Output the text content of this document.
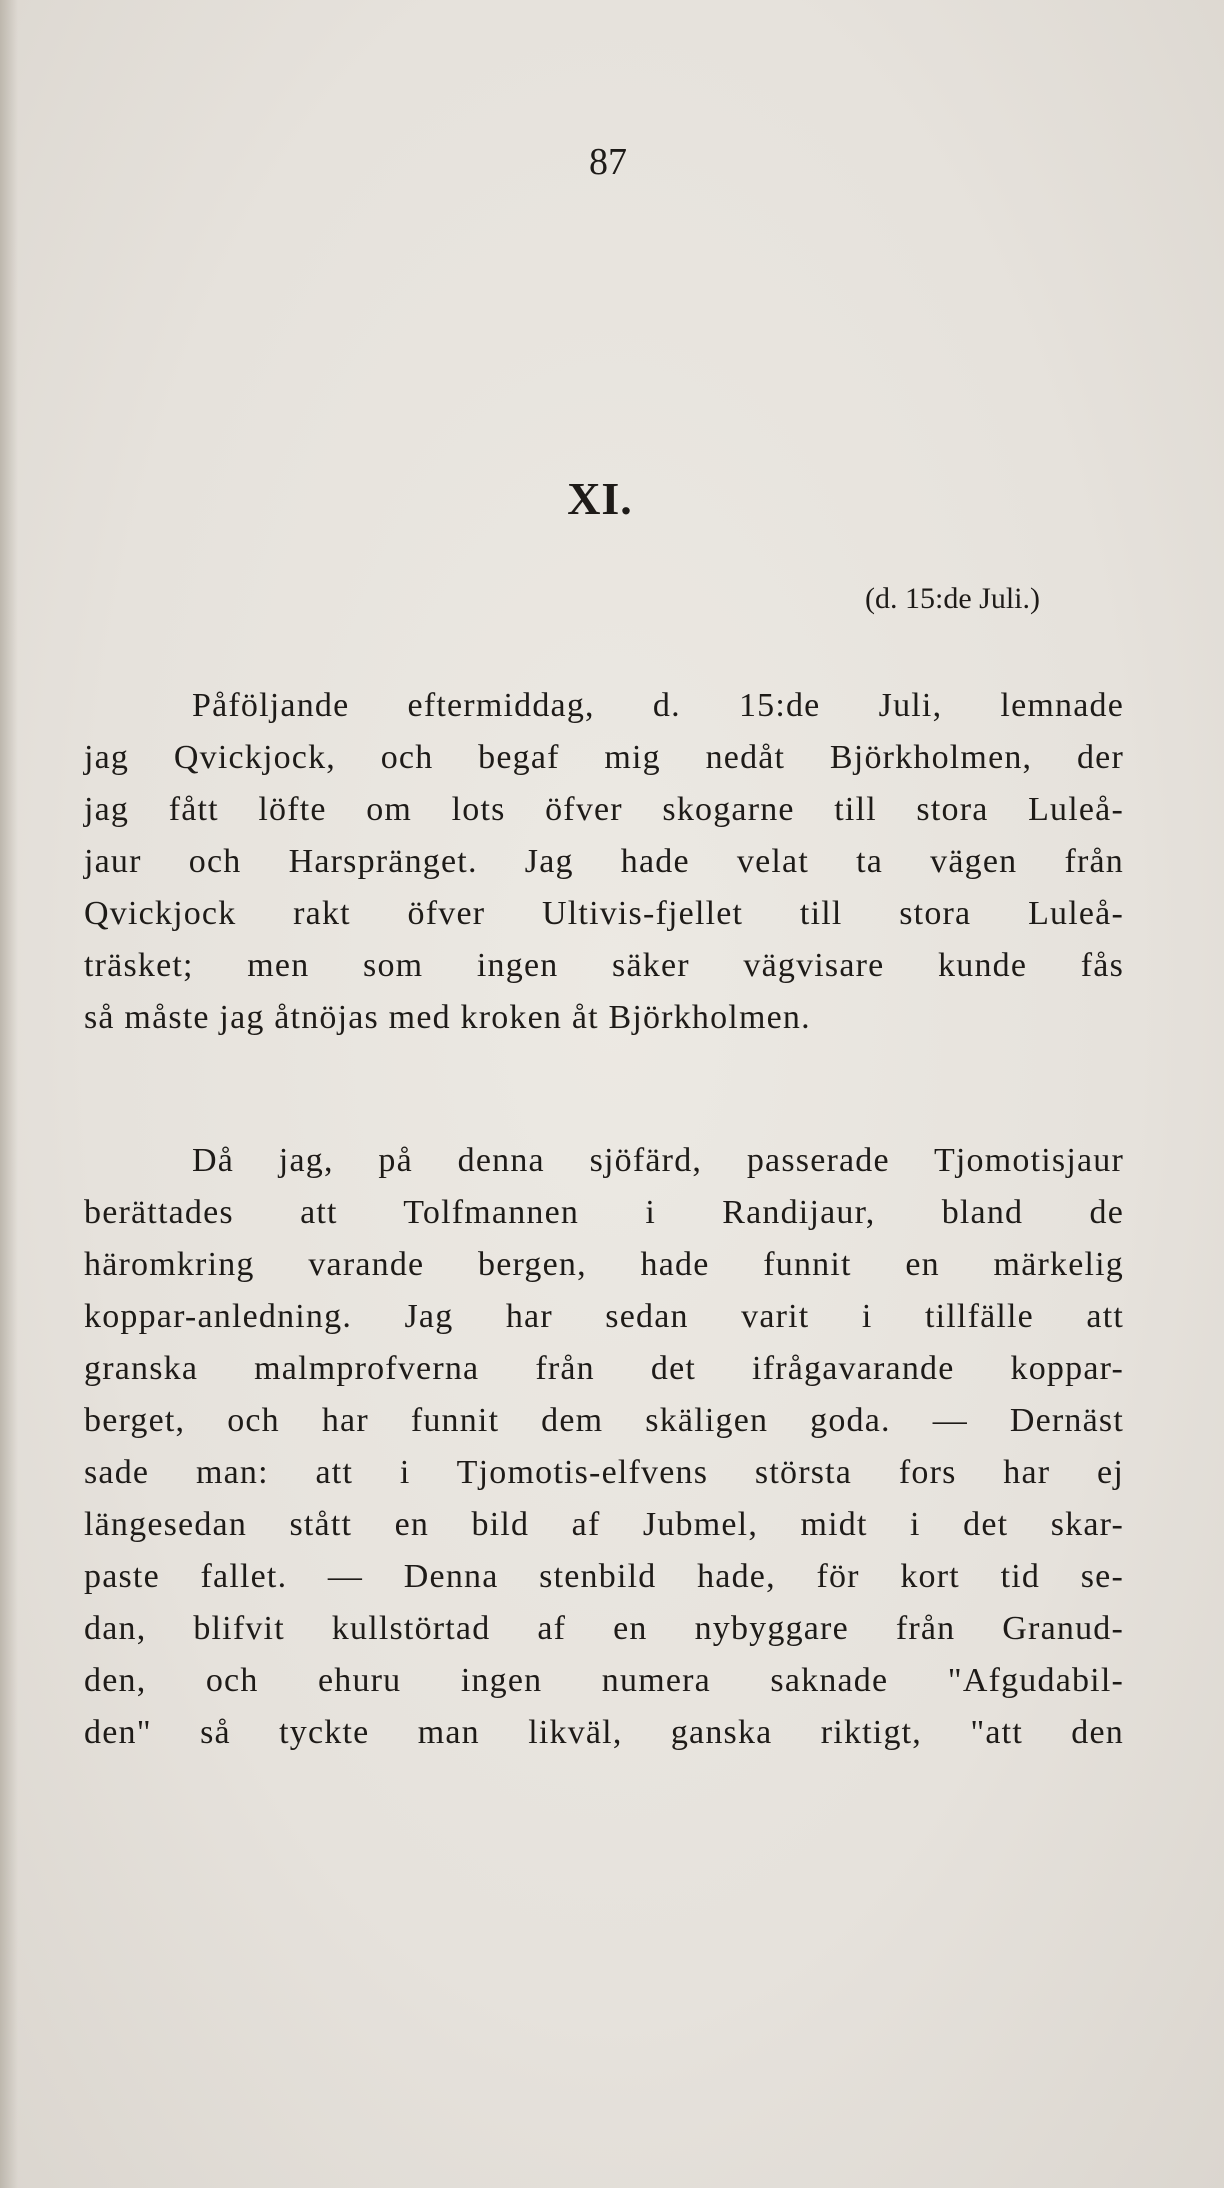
87
XI.
(d. 15:de Juli.)
Påföljande eftermiddag, d. 15:de Juli, lemnade
jag Qvickjock, och begaf mig nedåt Björkholmen, der
jag fått löfte om lots öfver skogarne till stora Luleå-
jaur och Harspränget. Jag hade velat ta vägen från
Qvickjock rakt öfver Ultivis-fjellet till stora Luleå-
träsket; men som ingen säker vägvisare kunde fås
så måste jag åtnöjas med kroken åt Björkholmen.
Då jag, på denna sjöfärd, passerade Tjomotisjaur
berättades att Tolfmannen i Randijaur, bland de
häromkring varande bergen, hade funnit en märkelig
koppar-anledning. Jag har sedan varit i tillfälle att
granska malmprofverna från det ifrågavarande koppar-
berget, och har funnit dem skäligen goda. — Dernäst
sade man: att i Tjomotis-elfvens största fors har ej
längesedan stått en bild af Jubmel, midt i det skar-
paste fallet. — Denna stenbild hade, för kort tid se-
dan, blifvit kullstörtad af en nybyggare från Granud-
den, och ehuru ingen numera saknade "Afgudabil-
den" så tyckte man likväl, ganska riktigt, "att den
